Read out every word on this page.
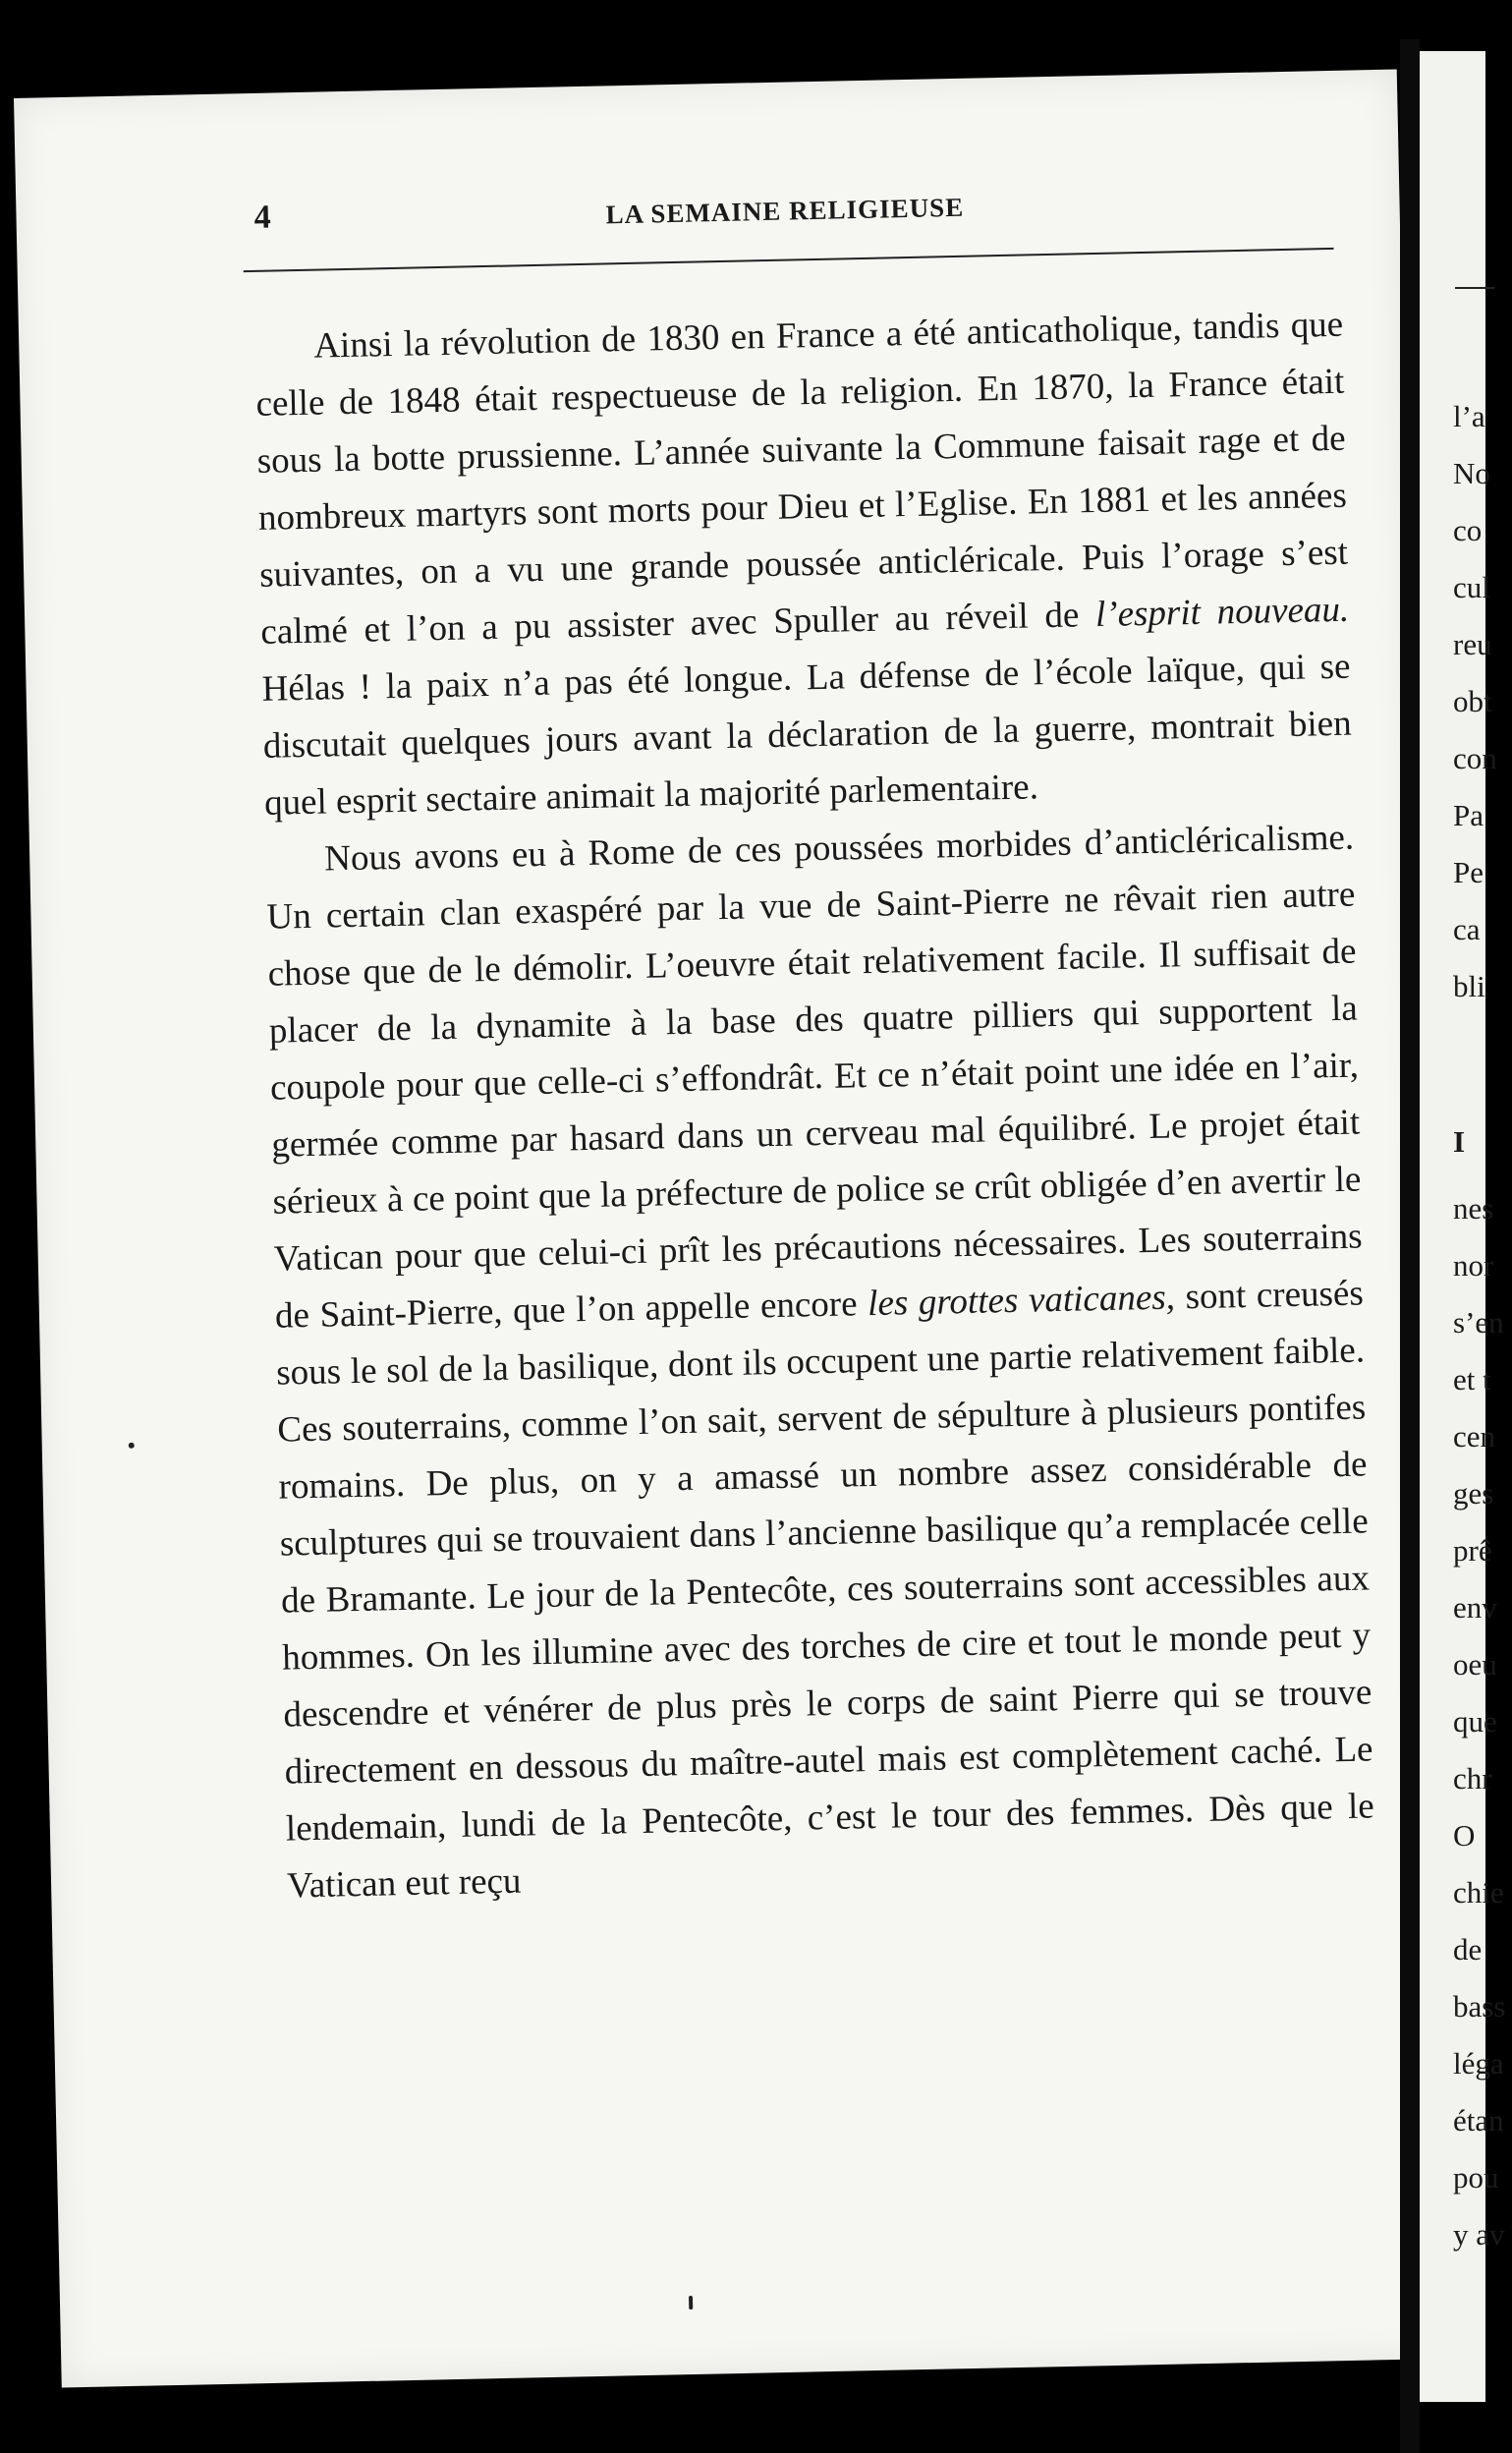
4	LA SEMAINE RELIGIEUSE

Ainsi la révolution de 1830 en France a été anticatholique, tandis que celle de 1848 était respectueuse de la religion. En 1870, la France était sous la botte prussienne. L’année suivante la Commune faisait rage et de nombreux martyrs sont morts pour Dieu et l’Eglise. En 1881 et les années suivantes, on a vu une grande poussée anticléricale. Puis l’orage s’est calmé et l’on a pu assister avec Spuller au réveil de l’esprit nouveau. Hélas ! la paix n’a pas été longue. La défense de l’école laïque, qui se discutait quelques jours avant la déclaration de la guerre, montrait bien quel esprit sectaire animait la majorité parlementaire.

Nous avons eu à Rome de ces poussées morbides d’anticléricalisme. Un certain clan exaspéré par la vue de Saint-Pierre ne rêvait rien autre chose que de le démolir. L’oeuvre était relativement facile. Il suffisait de placer de la dynamite à la base des quatre pilliers qui supportent la coupole pour que celle-ci s’effondrât. Et ce n’était point une idée en l’air, germée comme par hasard dans un cerveau mal équilibré. Le projet était sérieux à ce point que la préfecture de police se crût obligée d’en avertir le Vatican pour que celui-ci prît les précautions nécessaires. Les souterrains de Saint-Pierre, que l’on appelle encore les grottes vaticanes, sont creusés sous le sol de la basilique, dont ils occupent une partie relativement faible. Ces souterrains, comme l’on sait, servent de sépulture à plusieurs pontifes romains. De plus, on y a amassé un nombre assez considérable de sculptures qui se trouvaient dans l’ancienne basilique qu’a remplacée celle de Bramante. Le jour de la Pentecôte, ces souterrains sont accessibles aux hommes. On les illumine avec des torches de cire et tout le monde peut y descendre et vénérer de plus près le corps de saint Pierre qui se trouve directement en dessous du maître-autel mais est complètement caché. Le lendemain, lundi de la Pentecôte, c’est le tour des femmes. Dès que le Vatican eut reçu

l’a
No
co
cul
reu
obt
con
Pa
Pe
ca
bli
I
nes
nor
s’en
et t
cen
ges
prê
env
oeu
que
chr
O
chie
de
bass
léga
étan
pou
y av
